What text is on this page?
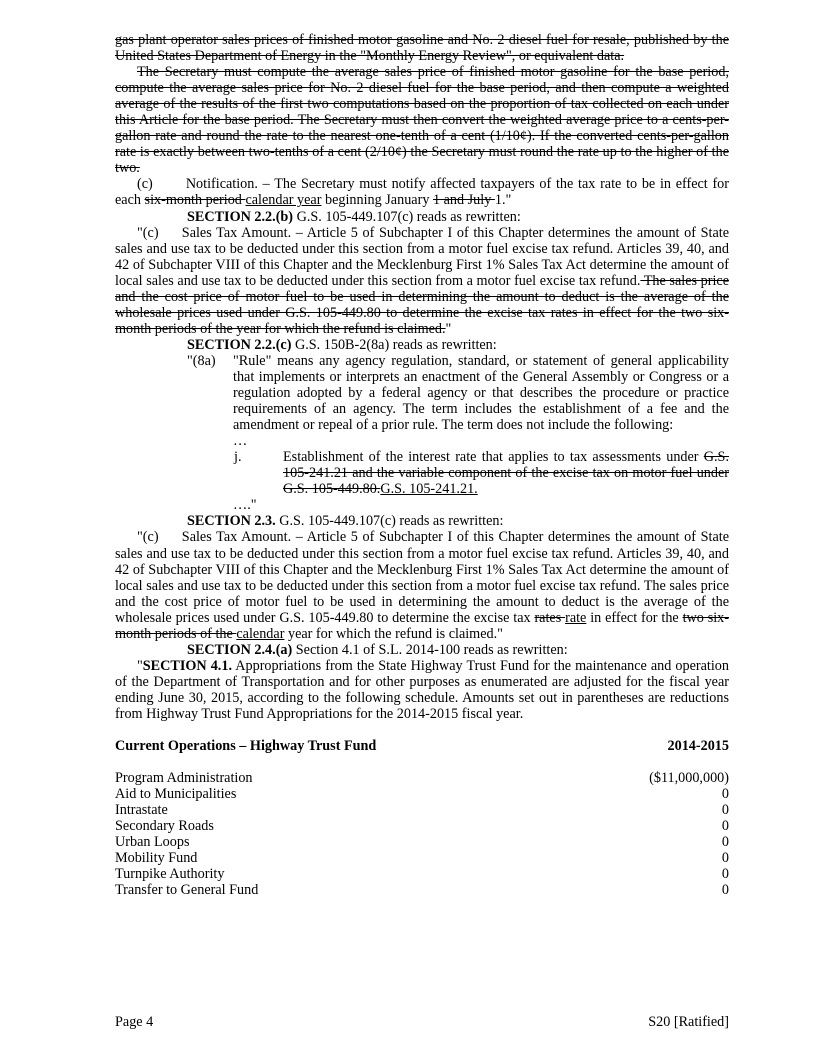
gas plant operator sales prices of finished motor gasoline and No. 2 diesel fuel for resale, published by the United States Department of Energy in the "Monthly Energy Review", or equivalent data.

The Secretary must compute the average sales price of finished motor gasoline for the base period, compute the average sales price for No. 2 diesel fuel for the base period, and then compute a weighted average of the results of the first two computations based on the proportion of tax collected on each under this Article for the base period. The Secretary must then convert the weighted average price to a cents-per-gallon rate and round the rate to the nearest one-tenth of a cent (1/10¢). If the converted cents-per-gallon rate is exactly between two-tenths of a cent (2/10¢) the Secretary must round the rate up to the higher of the two.

(c)       Notification. – The Secretary must notify affected taxpayers of the tax rate to be in effect for each six-month period calendar year beginning January 1 and July 1."

SECTION 2.2.(b) G.S. 105-449.107(c) reads as rewritten:

"(c)     Sales Tax Amount. – Article 5 of Subchapter I of this Chapter determines the amount of State sales and use tax to be deducted under this section from a motor fuel excise tax refund. Articles 39, 40, and 42 of Subchapter VIII of this Chapter and the Mecklenburg First 1% Sales Tax Act determine the amount of local sales and use tax to be deducted under this section from a motor fuel excise tax refund. The sales price and the cost price of motor fuel to be used in determining the amount to deduct is the average of the wholesale prices used under G.S. 105-449.80 to determine the excise tax rates in effect for the two six-month periods of the year for which the refund is claimed."

SECTION 2.2.(c) G.S. 150B-2(8a) reads as rewritten:

"(8a) "Rule" means any agency regulation, standard, or statement of general applicability that implements or interprets an enactment of the General Assembly or Congress or a regulation adopted by a federal agency or that describes the procedure or practice requirements of an agency. The term includes the establishment of a fee and the amendment or repeal of a prior rule. The term does not include the following:

…

j.	Establishment of the interest rate that applies to tax assessments under G.S. 105-241.21 and the variable component of the excise tax on motor fuel under G.S. 105-449.80.G.S. 105-241.21.

…."

SECTION 2.3. G.S. 105-449.107(c) reads as rewritten:

"(c)     Sales Tax Amount. – Article 5 of Subchapter I of this Chapter determines the amount of State sales and use tax to be deducted under this section from a motor fuel excise tax refund. Articles 39, 40, and 42 of Subchapter VIII of this Chapter and the Mecklenburg First 1% Sales Tax Act determine the amount of local sales and use tax to be deducted under this section from a motor fuel excise tax refund. The sales price and the cost price of motor fuel to be used in determining the amount to deduct is the average of the wholesale prices used under G.S. 105-449.80 to determine the excise tax rates rate in effect for the two six-month periods of the calendar year for which the refund is claimed."

SECTION 2.4.(a) Section 4.1 of S.L. 2014-100 reads as rewritten:

"SECTION 4.1. Appropriations from the State Highway Trust Fund for the maintenance and operation of the Department of Transportation and for other purposes as enumerated are adjusted for the fiscal year ending June 30, 2015, according to the following schedule. Amounts set out in parentheses are reductions from Highway Trust Fund Appropriations for the 2014-2015 fiscal year.

Current Operations – Highway Trust Fund	2014-2015
Program Administration	($11,000,000)
Aid to Municipalities	0
Intrastate	0
Secondary Roads	0
Urban Loops	0
Mobility Fund	0
Turnpike Authority	0
Transfer to General Fund	0
Page 4	S20 [Ratified]
